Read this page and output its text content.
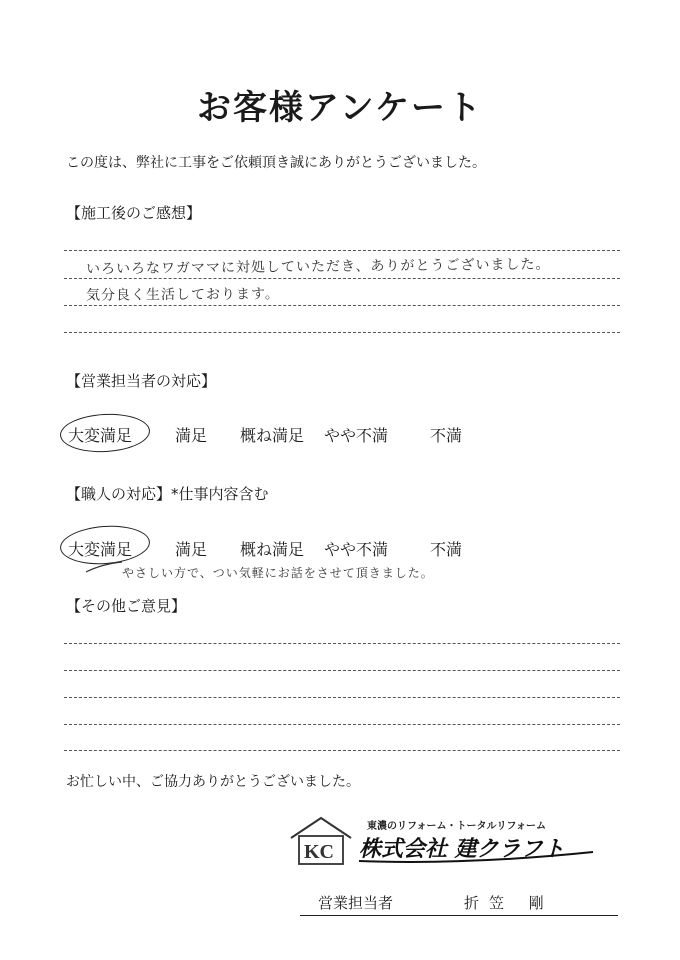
お客様アンケート
この度は、弊社に工事をご依頼頂き誠にありがとうございました。
【施工後のご感想】
いろいろなワガママに対処していただき、ありがとうございました。
気分良く生活しております。
【営業担当者の対応】
大変満足	満足 概ね満足 やや不満	不満
【職人の対応】*仕事内容含む
大変満足	満足 概ね満足 やや不満	不満
やさしい方で、つい気軽にお話をさせて頂きました。
【その他ご意見】
お忙しい中、ご協力ありがとうございました。
KC
東濃のリフォーム・トータルリフォーム
株式会社 建クラフト
営業担当者	折笠 剛
